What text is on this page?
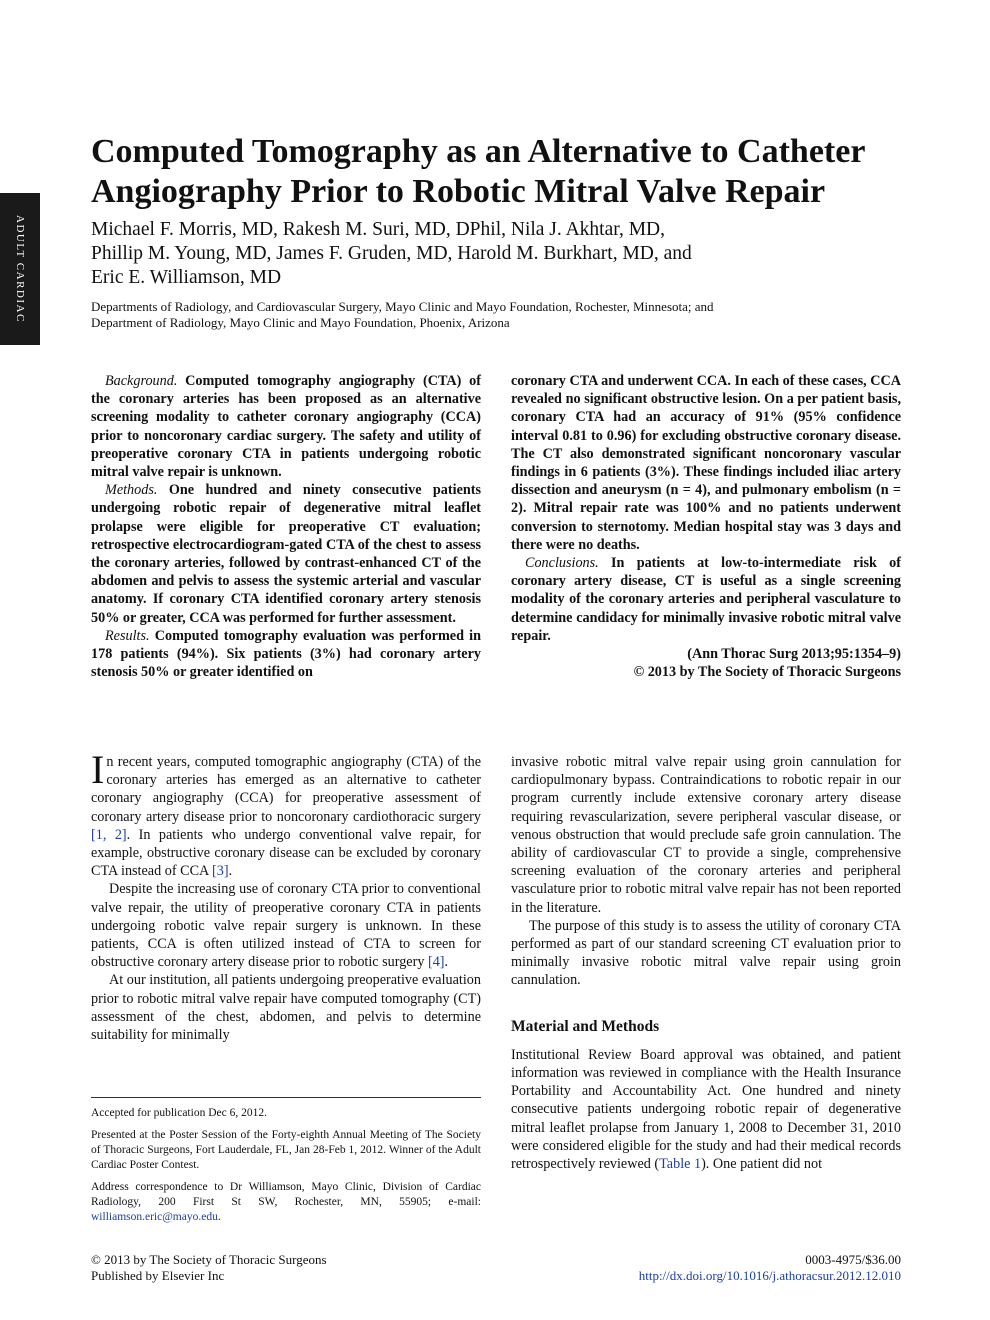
ADULT CARDIAC
Computed Tomography as an Alternative to Catheter
Angiography Prior to Robotic Mitral Valve Repair
Michael F. Morris, MD, Rakesh M. Suri, MD, DPhil, Nila J. Akhtar, MD,
Phillip M. Young, MD, James F. Gruden, MD, Harold M. Burkhart, MD, and
Eric E. Williamson, MD
Departments of Radiology, and Cardiovascular Surgery, Mayo Clinic and Mayo Foundation, Rochester, Minnesota; and
Department of Radiology, Mayo Clinic and Mayo Foundation, Phoenix, Arizona

Background. Computed tomography angiography (CTA) of the coronary arteries has been proposed as an alternative screening modality to catheter coronary angiography (CCA) prior to noncoronary cardiac surgery. The safety and utility of preoperative coronary CTA in patients undergoing robotic mitral valve repair is unknown.

Methods. One hundred and ninety consecutive patients undergoing robotic repair of degenerative mitral leaflet prolapse were eligible for preoperative CT evaluation; retrospective electrocardiogram-gated CTA of the chest to assess the coronary arteries, followed by contrast-enhanced CT of the abdomen and pelvis to assess the systemic arterial and vascular anatomy. If coronary CTA identified coronary artery stenosis 50% or greater, CCA was performed for further assessment.

Results. Computed tomography evaluation was performed in 178 patients (94%). Six patients (3%) had coronary artery stenosis 50% or greater identified on

coronary CTA and underwent CCA. In each of these cases, CCA revealed no significant obstructive lesion. On a per patient basis, coronary CTA had an accuracy of 91% (95% confidence interval 0.81 to 0.96) for excluding obstructive coronary disease. The CT also demonstrated significant noncoronary vascular findings in 6 patients (3%). These findings included iliac artery dissection and aneurysm (n = 4), and pulmonary embolism (n = 2). Mitral repair rate was 100% and no patients underwent conversion to sternotomy. Median hospital stay was 3 days and there were no deaths.

Conclusions. In patients at low-to-intermediate risk of coronary artery disease, CT is useful as a single screening modality of the coronary arteries and peripheral vasculature to determine candidacy for minimally invasive robotic mitral valve repair.

(Ann Thorac Surg 2013;95:1354–9)

© 2013 by The Society of Thoracic Surgeons

In recent years, computed tomographic angiography (CTA) of the coronary arteries has emerged as an alternative to catheter coronary angiography (CCA) for preoperative assessment of coronary artery disease prior to noncoronary cardiothoracic surgery [1, 2]. In patients who undergo conventional valve repair, for example, obstructive coronary disease can be excluded by coronary CTA instead of CCA [3].

Despite the increasing use of coronary CTA prior to conventional valve repair, the utility of preoperative coronary CTA in patients undergoing robotic valve repair surgery is unknown. In these patients, CCA is often utilized instead of CTA to screen for obstructive coronary artery disease prior to robotic surgery [4].

At our institution, all patients undergoing preoperative evaluation prior to robotic mitral valve repair have computed tomography (CT) assessment of the chest, abdomen, and pelvis to determine suitability for minimally

invasive robotic mitral valve repair using groin cannulation for cardiopulmonary bypass. Contraindications to robotic repair in our program currently include extensive coronary artery disease requiring revascularization, severe peripheral vascular disease, or venous obstruction that would preclude safe groin cannulation. The ability of cardiovascular CT to provide a single, comprehensive screening evaluation of the coronary arteries and peripheral vasculature prior to robotic mitral valve repair has not been reported in the literature.

The purpose of this study is to assess the utility of coronary CTA performed as part of our standard screening CT evaluation prior to minimally invasive robotic mitral valve repair using groin cannulation.

Material and Methods

Institutional Review Board approval was obtained, and patient information was reviewed in compliance with the Health Insurance Portability and Accountability Act. One hundred and ninety consecutive patients undergoing robotic repair of degenerative mitral leaflet prolapse from January 1, 2008 to December 31, 2010 were considered eligible for the study and had their medical records retrospectively reviewed (Table 1). One patient did not

Accepted for publication Dec 6, 2012.

Presented at the Poster Session of the Forty-eighth Annual Meeting of The Society of Thoracic Surgeons, Fort Lauderdale, FL, Jan 28-Feb 1, 2012. Winner of the Adult Cardiac Poster Contest.

Address correspondence to Dr Williamson, Mayo Clinic, Division of Cardiac Radiology, 200 First St SW, Rochester, MN, 55905; e-mail: williamson.eric@mayo.edu.

© 2013 by The Society of Thoracic Surgeons
Published by Elsevier Inc
0003-4975/$36.00
http://dx.doi.org/10.1016/j.athoracsur.2012.12.010
